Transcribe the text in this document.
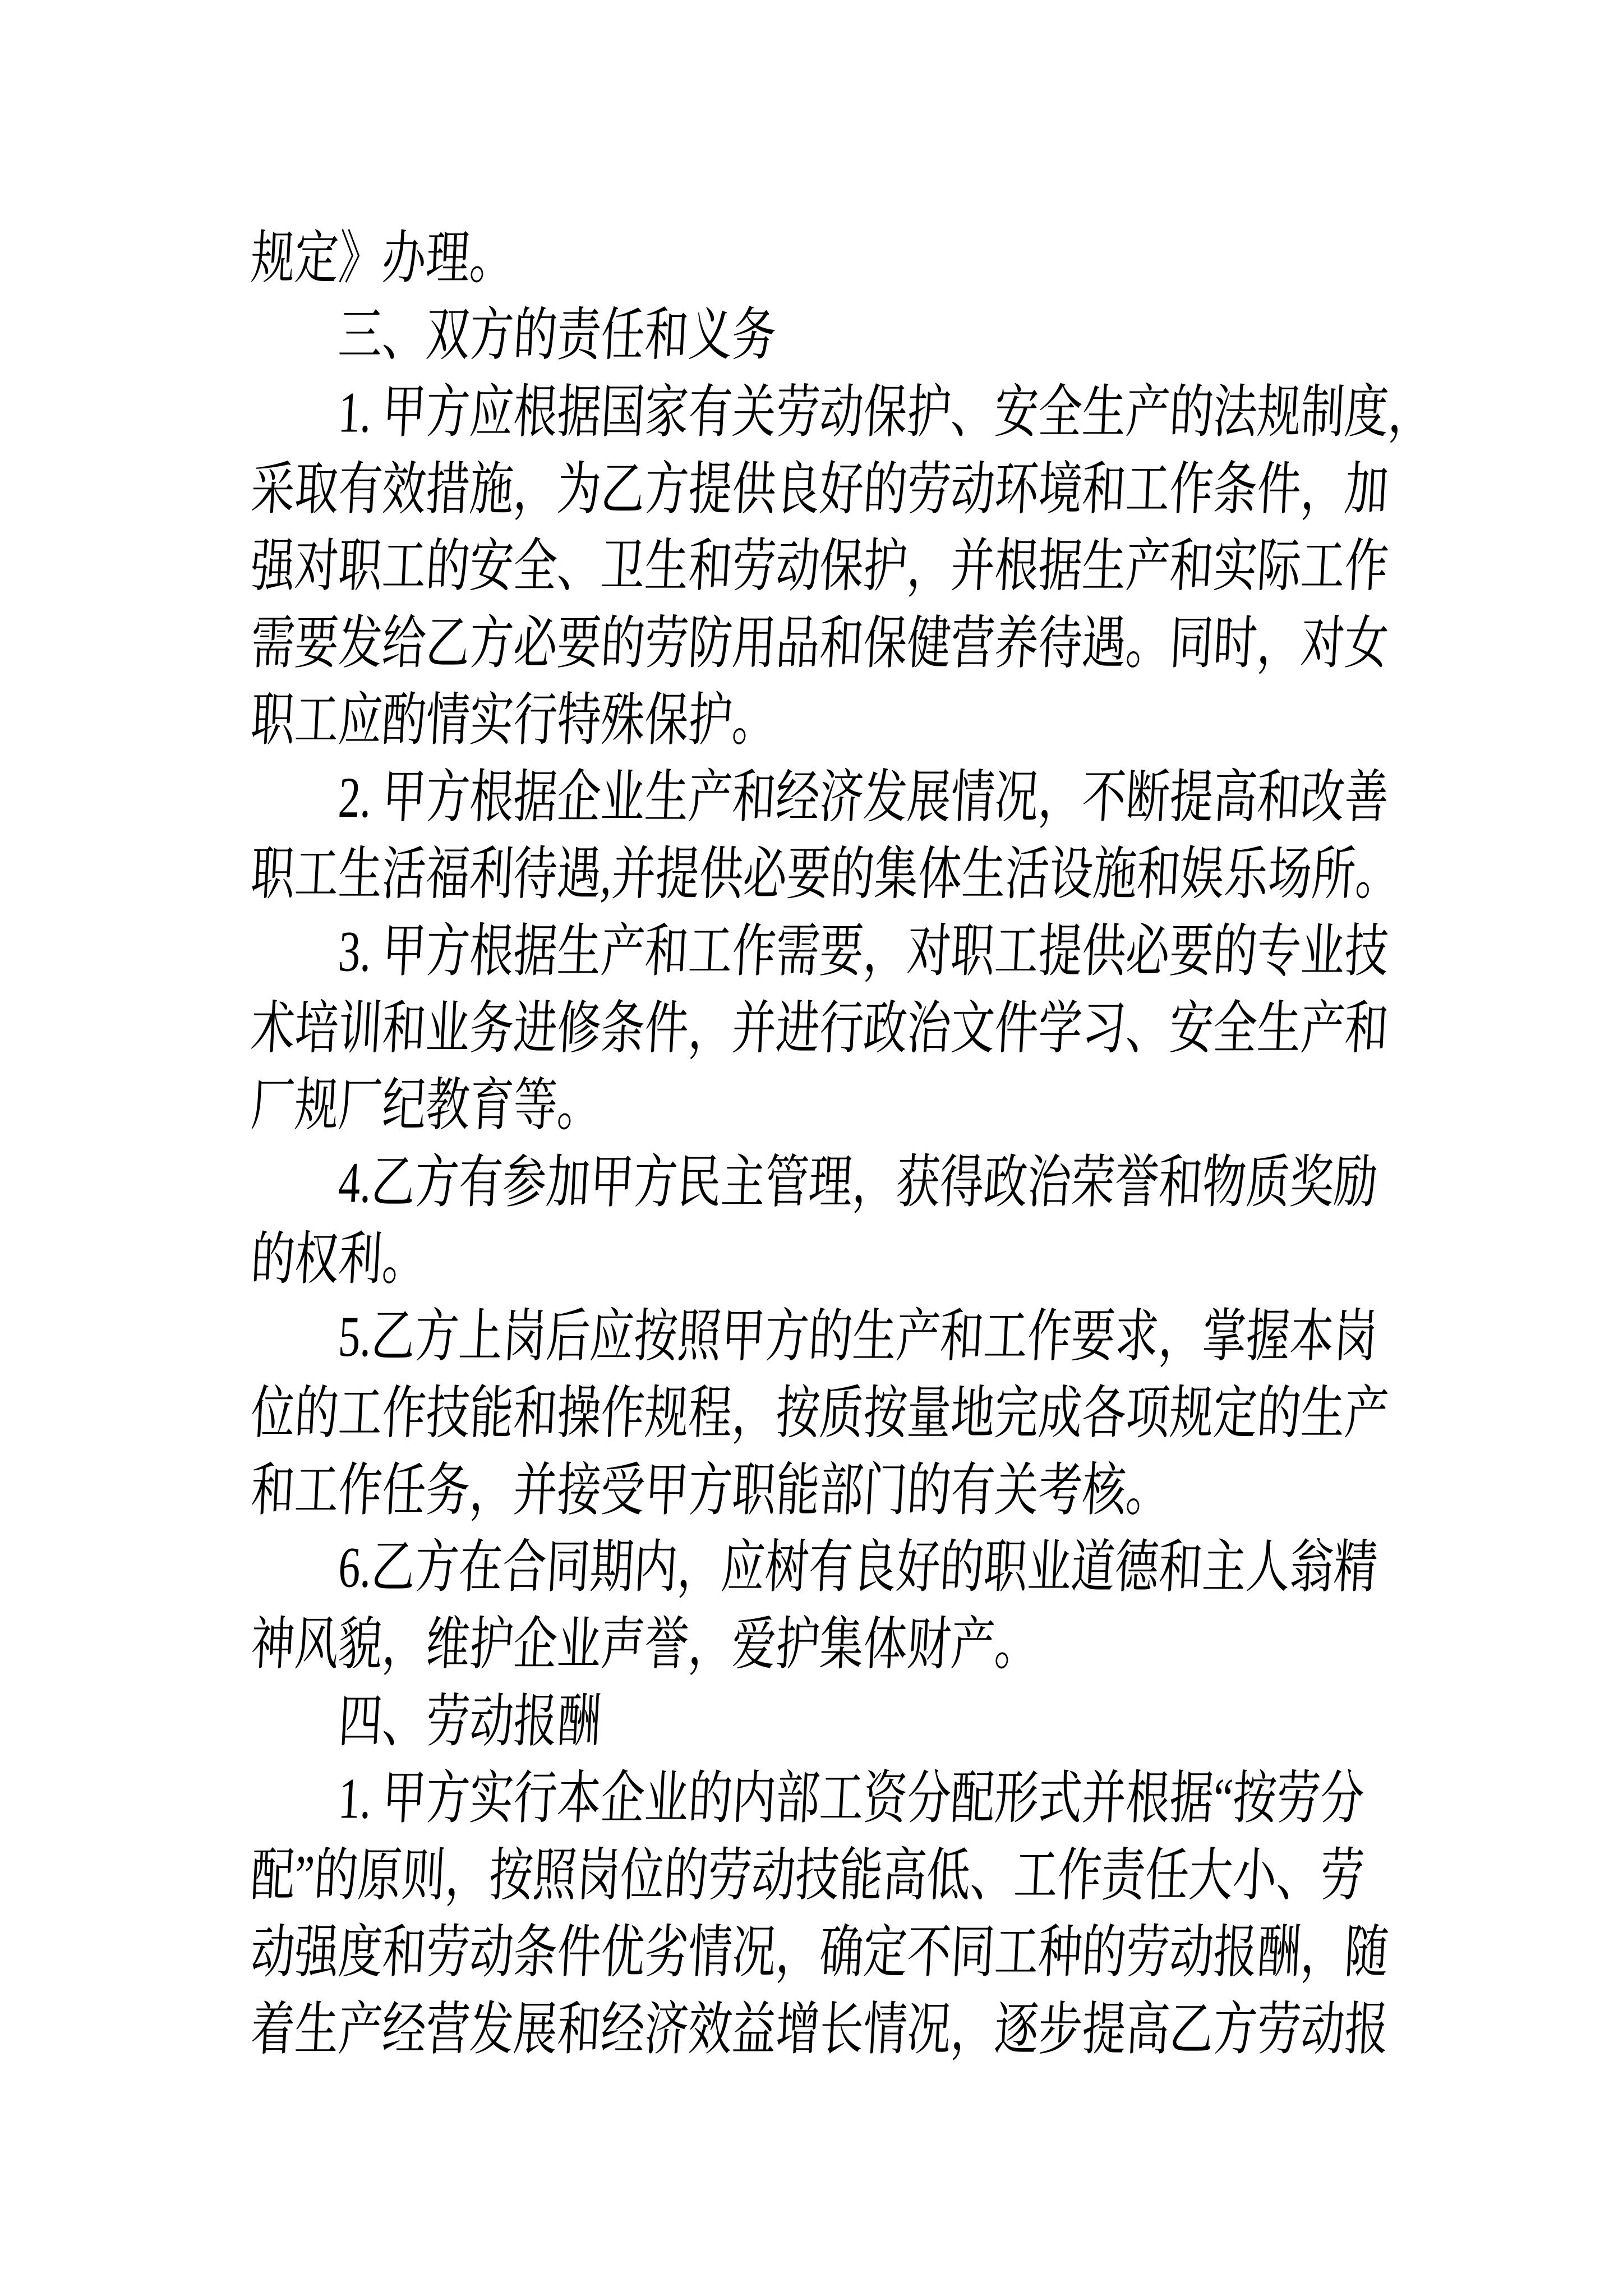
规定》办理。
　　三、双方的责任和义务
　　1. 甲方应根据国家有关劳动保护、安全生产的法规制度，
采取有效措施，为乙方提供良好的劳动环境和工作条件，加
强对职工的安全、卫生和劳动保护，并根据生产和实际工作
需要发给乙方必要的劳防用品和保健营养待遇。同时，对女
职工应酌情实行特殊保护。
　　2. 甲方根据企业生产和经济发展情况，不断提高和改善
职工生活福利待遇,并提供必要的集体生活设施和娱乐场所。
　　3. 甲方根据生产和工作需要，对职工提供必要的专业技
术培训和业务进修条件，并进行政治文件学习、安全生产和
厂规厂纪教育等。
　　4.乙方有参加甲方民主管理，获得政治荣誉和物质奖励
的权利。
　　5.乙方上岗后应按照甲方的生产和工作要求，掌握本岗
位的工作技能和操作规程，按质按量地完成各项规定的生产
和工作任务，并接受甲方职能部门的有关考核。
　　6.乙方在合同期内，应树有良好的职业道德和主人翁精
神风貌，维护企业声誉，爱护集体财产。
　　四、劳动报酬
　　1. 甲方实行本企业的内部工资分配形式并根据“按劳分
配”的原则，按照岗位的劳动技能高低、工作责任大小、劳
动强度和劳动条件优劣情况，确定不同工种的劳动报酬，随
着生产经营发展和经济效益增长情况，逐步提高乙方劳动报
